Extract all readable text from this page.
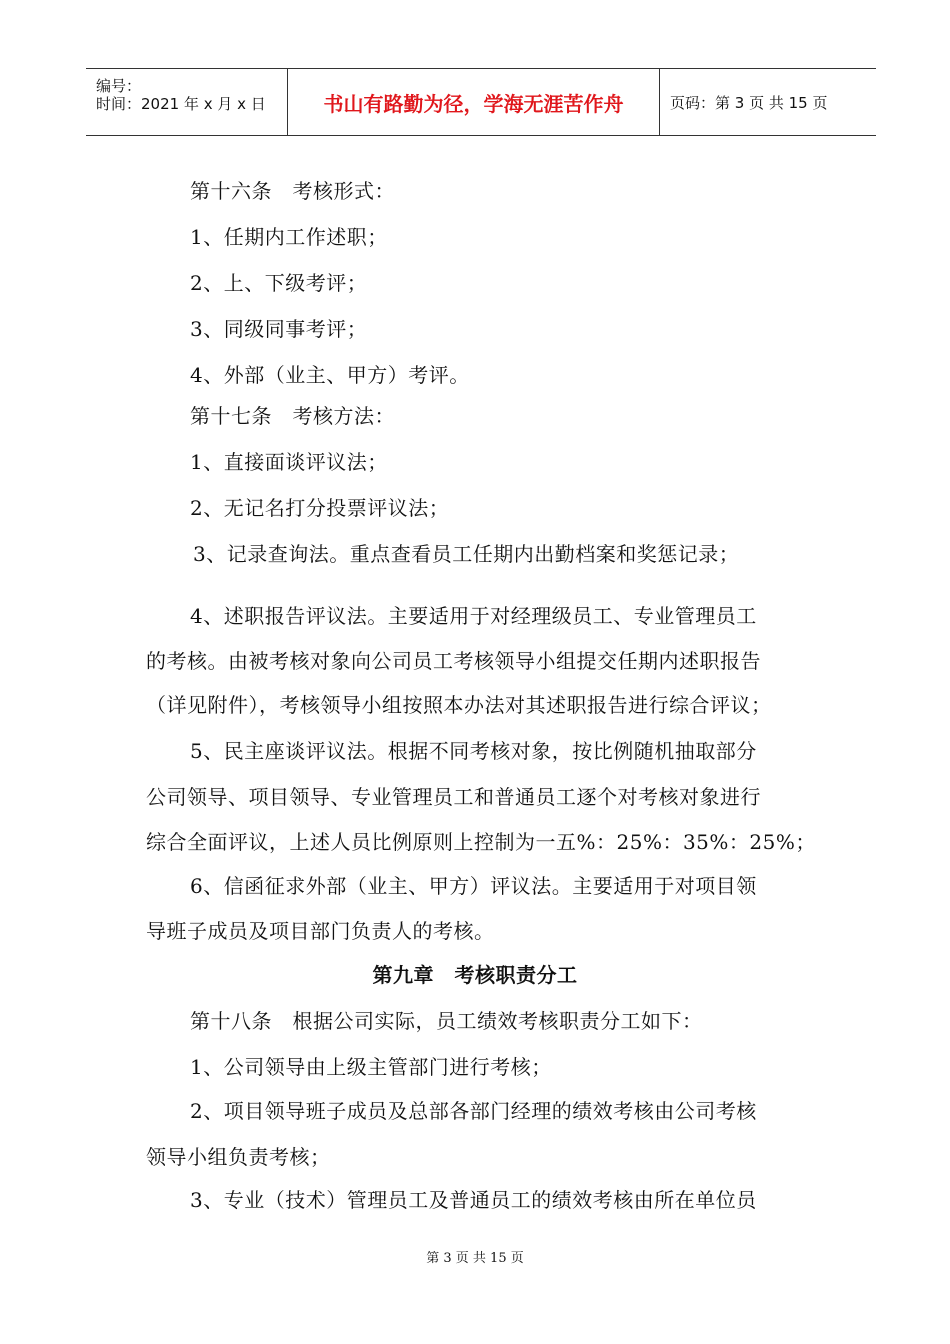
编号：
时间：2021 年 x 月 x 日	书山有路勤为径，学海无涯苦作舟	页码：第 3 页 共 15 页
第十六条　考核形式：
1、任期内工作述职；
2、上、下级考评；
3、同级同事考评；
4、外部（业主、甲方）考评。
第十七条　考核方法：
1、直接面谈评议法；
2、无记名打分投票评议法；
3、记录查询法。重点查看员工任期内出勤档案和奖惩记录；
4、述职报告评议法。主要适用于对经理级员工、专业管理员工
的考核。由被考核对象向公司员工考核领导小组提交任期内述职报告
（详见附件），考核领导小组按照本办法对其述职报告进行综合评议；
5、民主座谈评议法。根据不同考核对象，按比例随机抽取部分
公司领导、项目领导、专业管理员工和普通员工逐个对考核对象进行
综合全面评议，上述人员比例原则上控制为一五%：25%：35%：25%；
6、信函征求外部（业主、甲方）评议法。主要适用于对项目领
导班子成员及项目部门负责人的考核。
第九章　考核职责分工
第十八条　根据公司实际，员工绩效考核职责分工如下：
1、公司领导由上级主管部门进行考核；
2、项目领导班子成员及总部各部门经理的绩效考核由公司考核
领导小组负责考核；
3、专业（技术）管理员工及普通员工的绩效考核由所在单位员
第 3 页 共 15 页
